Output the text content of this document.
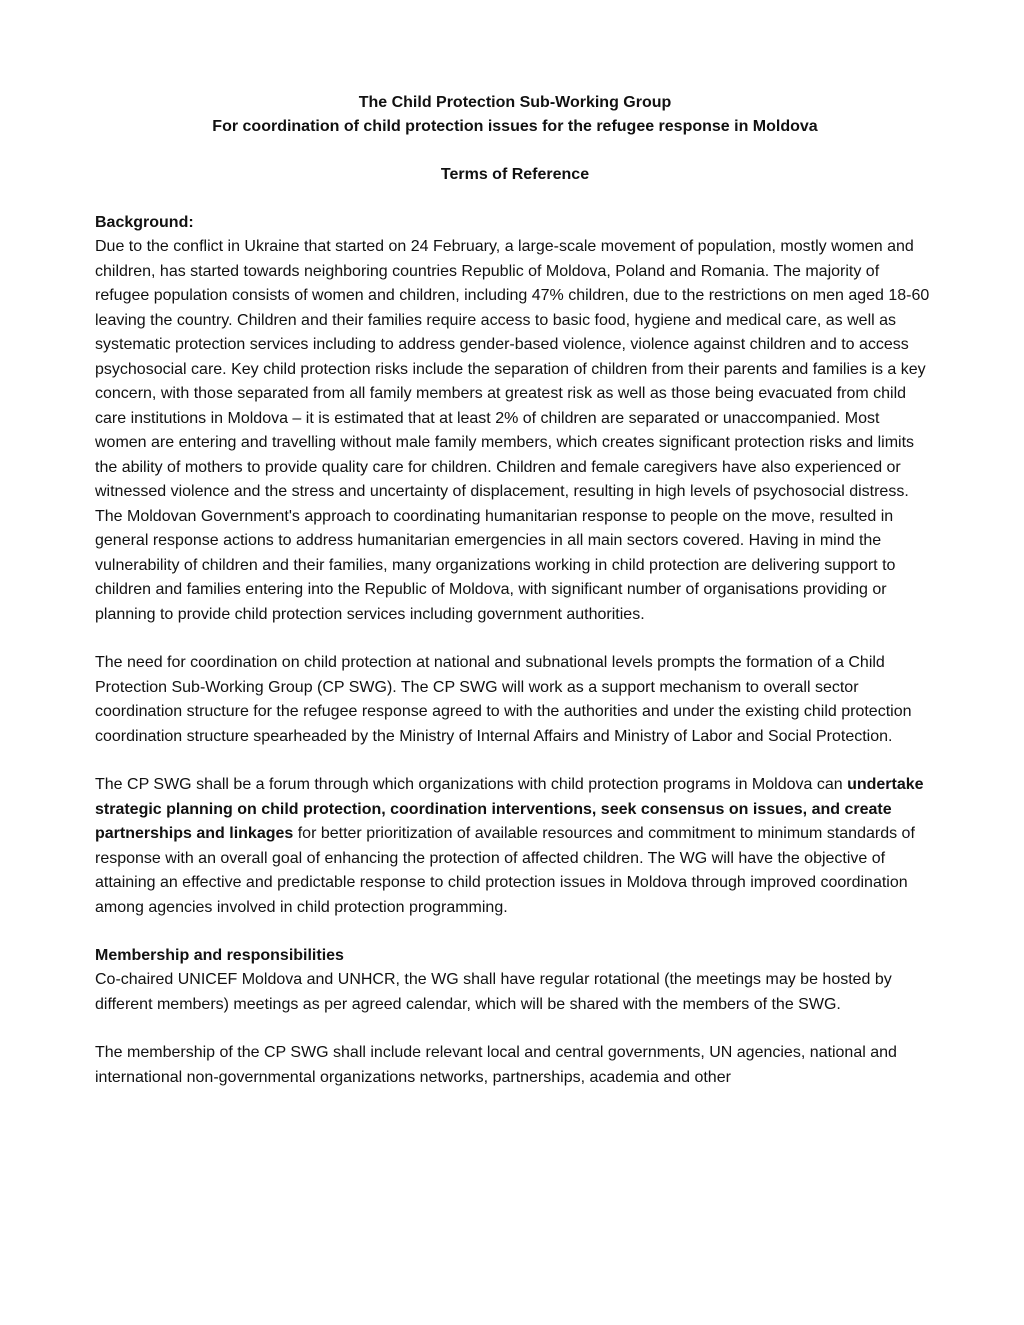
The Child Protection Sub-Working Group
For coordination of child protection issues for the refugee response in Moldova
Terms of Reference
Background:

Due to the conflict in Ukraine that started on 24 February, a large-scale movement of population, mostly women and children, has started towards neighboring countries Republic of Moldova, Poland and Romania. The majority of refugee population consists of women and children, including 47% children, due to the restrictions on men aged 18-60 leaving the country. Children and their families require access to basic food, hygiene and medical care, as well as systematic protection services including to address gender-based violence, violence against children and to access psychosocial care. Key child protection risks include the separation of children from their parents and families is a key concern, with those separated from all family members at greatest risk as well as those being evacuated from child care institutions in Moldova – it is estimated that at least 2% of children are separated or unaccompanied. Most women are entering and travelling without male family members, which creates significant protection risks and limits the ability of mothers to provide quality care for children. Children and female caregivers have also experienced or witnessed violence and the stress and uncertainty of displacement, resulting in high levels of psychosocial distress.

The Moldovan Government's approach to coordinating humanitarian response to people on the move, resulted in general response actions to address humanitarian emergencies in all main sectors covered. Having in mind the vulnerability of children and their families, many organizations working in child protection are delivering support to children and families entering into the Republic of Moldova, with significant number of organisations providing or planning to provide child protection services including government authorities.

The need for coordination on child protection at national and subnational levels prompts the formation of a Child Protection Sub-Working Group (CP SWG). The CP SWG will work as a support mechanism to overall sector coordination structure for the refugee response agreed to with the authorities and under the existing child protection coordination structure spearheaded by the Ministry of Internal Affairs and Ministry of Labor and Social Protection.

The CP SWG shall be a forum through which organizations with child protection programs in Moldova can undertake strategic planning on child protection, coordination interventions, seek consensus on issues, and create partnerships and linkages for better prioritization of available resources and commitment to minimum standards of response with an overall goal of enhancing the protection of affected children. The WG will have the objective of attaining an effective and predictable response to child protection issues in Moldova through improved coordination among agencies involved in child protection programming.

Membership and responsibilities

Co-chaired UNICEF Moldova and UNHCR, the WG shall have regular rotational (the meetings may be hosted by different members) meetings as per agreed calendar, which will be shared with the members of the SWG.

The membership of the CP SWG shall include relevant local and central governments, UN agencies, national and international non-governmental organizations networks, partnerships, academia and other
